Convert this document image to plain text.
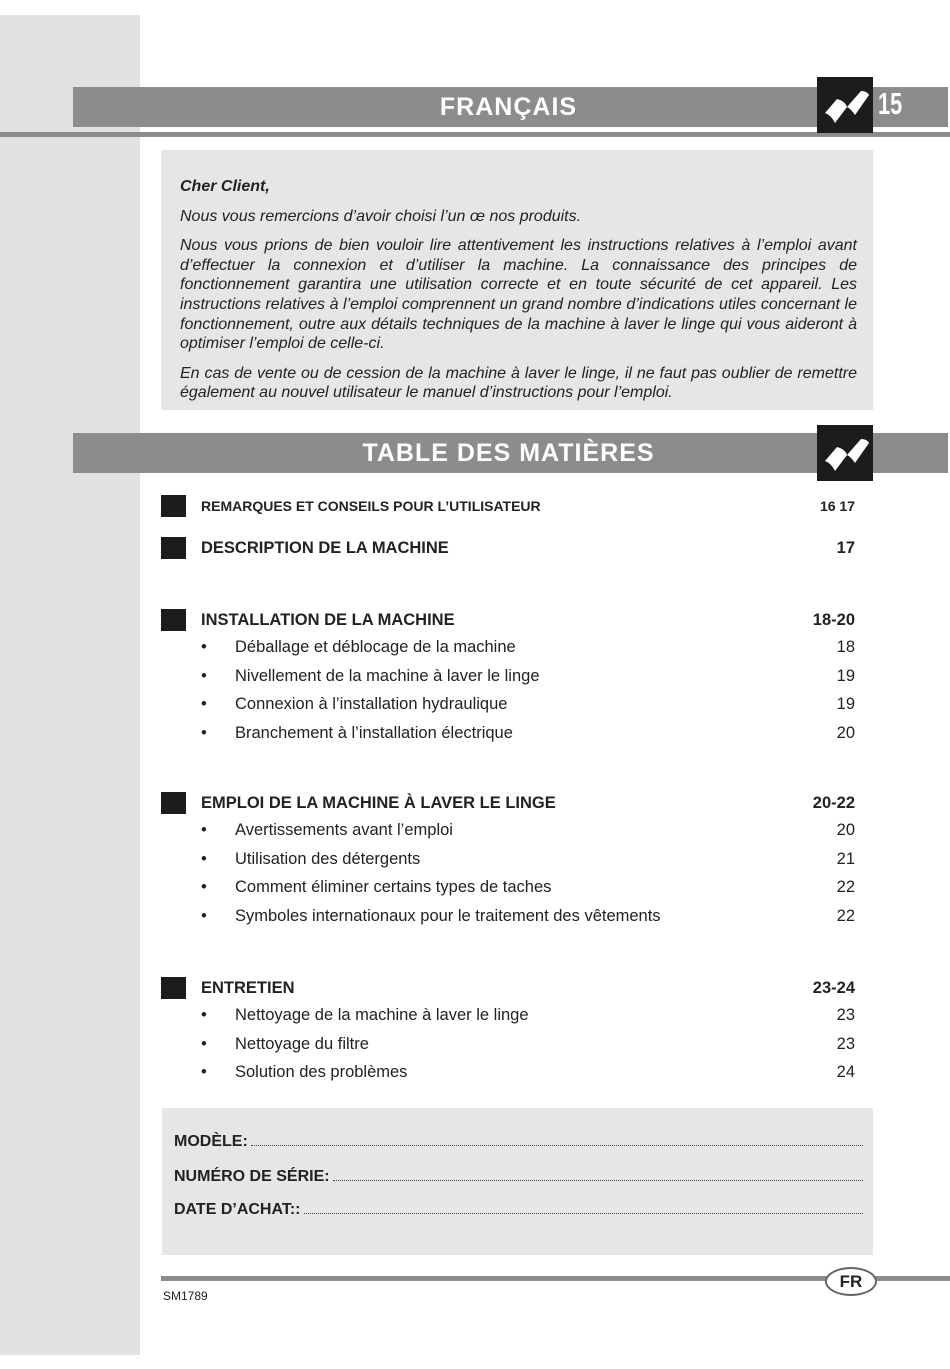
FRANÇAIS	15

Cher Client,

Nous vous remercions d’avoir choisi l’un œ nos produits.

Nous vous prions de bien vouloir lire attentivement les instructions relatives à l’emploi avant d’effectuer la connexion et d’utiliser la machine. La connaissance des principes de fonctionnement garantira une utilisation correcte et en toute sécurité de cet appareil. Les instructions relatives à l’emploi comprennent un grand nombre d’indications utiles concernant le fonctionnement, outre aux détails techniques de la machine à laver le linge qui vous aideront à optimiser l’emploi de celle-ci.

En cas de vente ou de cession de la machine à laver le linge, il ne faut pas oublier de remettre également au nouvel utilisateur le manuel d’instructions pour l’emploi.

TABLE DES MATIÈRES
MODÈLE:
NUMÉRO DE SÉRIE:
DATE D’ACHAT::
FR
SM1789
REMARQUES ET CONSEILS POUR L’UTILISATEUR	16 17
DESCRIPTION DE LA MACHINE	17
INSTALLATION DE LA MACHINE	18-20
• Déballage et déblocage de la machine	18
• Nivellement de la machine à laver le linge	19
• Connexion à l’installation hydraulique	19
• Branchement à l’installation électrique	20
EMPLOI DE LA MACHINE À LAVER LE LINGE	20-22
• Avertissements avant l’emploi	20
• Utilisation des détergents	21
• Comment éliminer certains types de taches	22
• Symboles internationaux pour le traitement des vêtements	22
ENTRETIEN	23-24
• Nettoyage de la machine à laver le linge	23
• Nettoyage du filtre	23
• Solution des problèmes	24
